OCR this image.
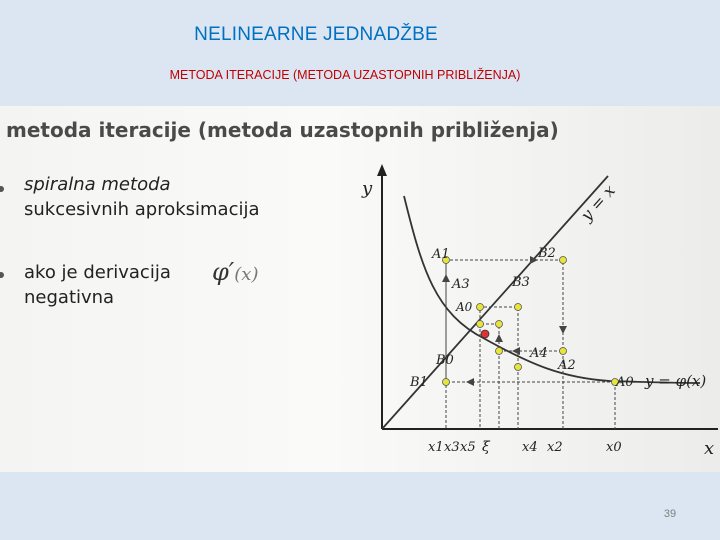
NELINEARNE JEDNADŽBE
METODA ITERACIJE (METODA UZASTOPNIH PRIBLIŽENJA)
metoda iteracije (metoda uzastopnih približenja)

spiralna metoda
sukcesivnih aproksimacija

ako je derivacija
negativna

φ′(x)
y
x
y = x
y = φ(x)
A1	B2
A3	B3
A0
B0	A4
A2
B1	A0
x1 x3 x5 ξ x4 x2	x0
39
